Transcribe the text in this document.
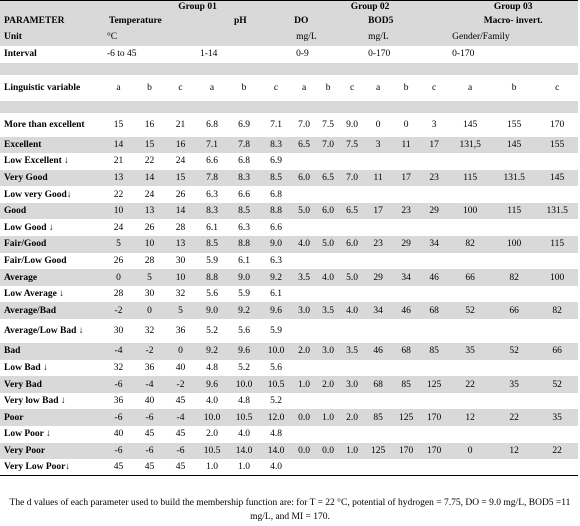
	Group 01						Group 02						Group 03		
PARAMETER	Temperature				pH		DO			BOD5			Macro- invert.		
Unit	°C						mg/L			mg/L			Gender/Family		
Interval	-6 to 45			1-14			0-9			0-170			0-170		

Linguistic variable	a	b	c	a	b	c	a	b	c	a	b	c	a	b	c

More than excellent	15	16	21	6.8	6.9	7.1	7.0	7.5	9.0	0	0	3	145	155	170
Excellent	14	15	16	7.1	7.8	8.3	6.5	7.0	7.5	3	11	17	131,5	145	155
Low Excellent ↓	21	22	24	6.6	6.8	6.9									
Very Good	13	14	15	7.8	8.3	8.5	6.0	6.5	7.0	11	17	23	115	131.5	145
Low very Good↓	22	24	26	6.3	6.6	6.8									
Good	10	13	14	8.3	8.5	8.8	5.0	6.0	6.5	17	23	29	100	115	131.5
Low Good ↓	24	26	28	6.1	6.3	6.6									
Fair/Good	5	10	13	8.5	8.8	9.0	4.0	5.0	6.0	23	29	34	82	100	115
Fair/Low Good	26	28	30	5.9	6.1	6.3									
Average	0	5	10	8.8	9.0	9.2	3.5	4.0	5.0	29	34	46	66	82	100
Low Average ↓	28	30	32	5.6	5.9	6.1									
Average/Bad	-2	0	5	9.0	9.2	9.6	3.0	3.5	4.0	34	46	68	52	66	82
Average/Low Bad ↓	30	32	36	5.2	5.6	5.9									
Bad	-4	-2	0	9.2	9.6	10.0	2.0	3.0	3.5	46	68	85	35	52	66
Low Bad ↓	32	36	40	4.8	5.2	5.6									
Very Bad	-6	-4	-2	9.6	10.0	10.5	1.0	2.0	3.0	68	85	125	22	35	52
Very low Bad ↓	36	40	45	4.0	4.8	5.2									
Poor	-6	-6	-4	10.0	10.5	12.0	0.0	1.0	2.0	85	125	170	12	22	35
Low Poor ↓	40	45	45	2.0	4.0	4.8									
Very Poor	-6	-6	-6	10.5	14.0	14.0	0.0	0.0	1.0	125	170	170	0	12	22
Very Low Poor↓	45	45	45	1.0	1.0	4.0									
The d values of each parameter used to build the membership function are: for T = 22 °C, potential of hydrogen = 7.75, DO = 9.0 mg/L, BOD5 =11 mg/L, and MI = 170.
